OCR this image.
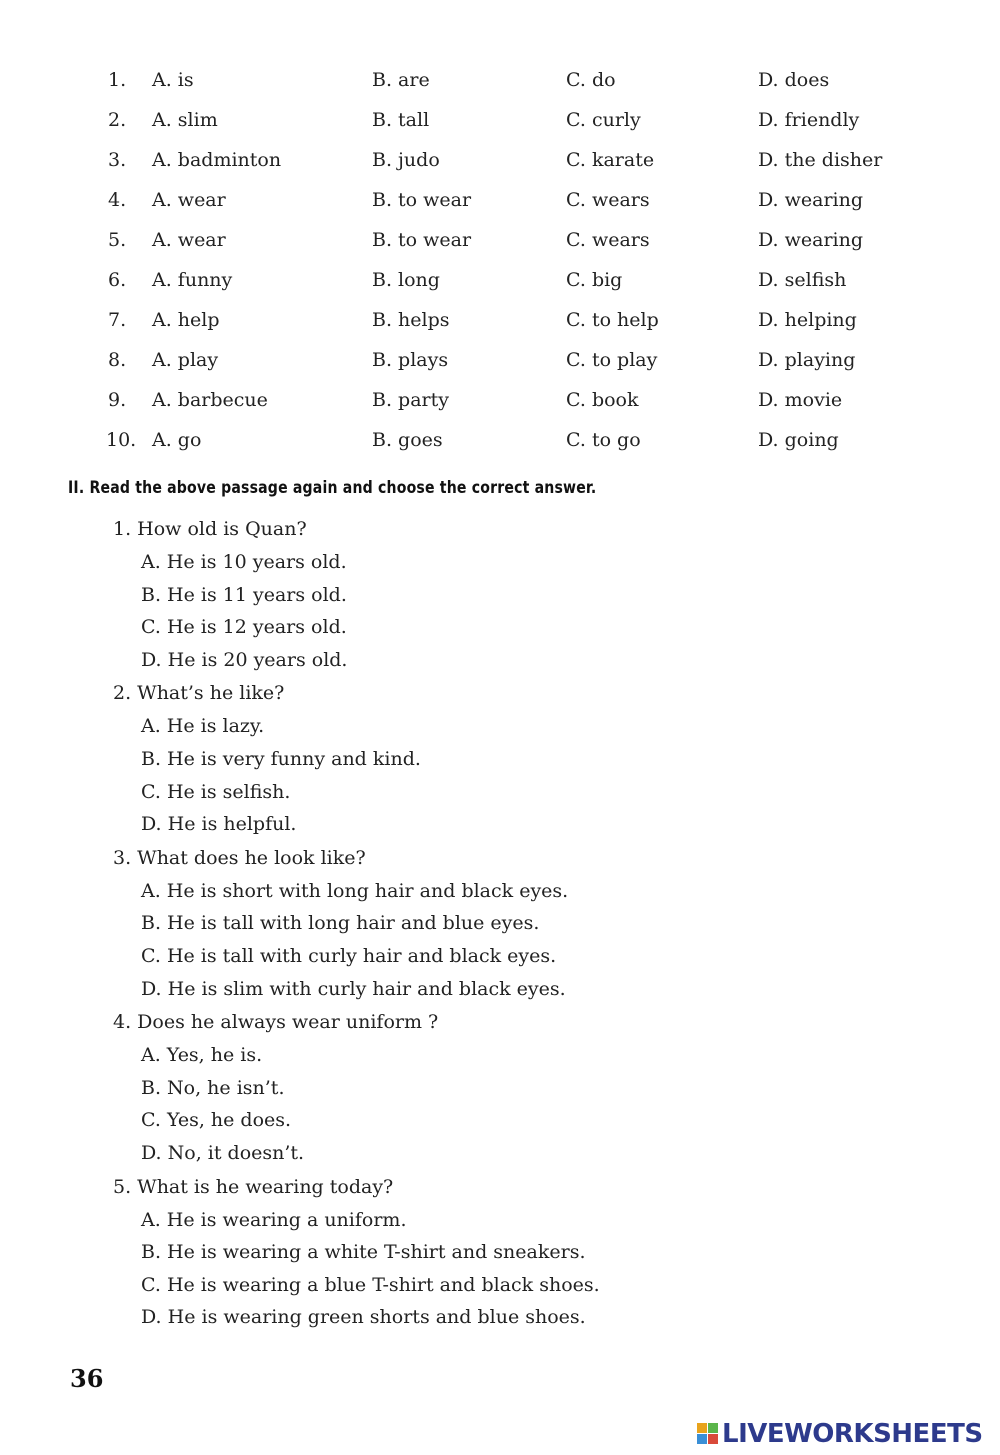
1. A. is	B. are	C. do	D. does
2. A. slim	B. tall	C. curly	D. friendly
3. A. badminton	B. judo	C. karate	D. the disher
4. A. wear	B. to wear	C. wears	D. wearing
5. A. wear	B. to wear	C. wears	D. wearing
6. A. funny	B. long	C. big	D. selfish
7. A. help	B. helps	C. to help	D. helping
8. A. play	B. plays	C. to play	D. playing
9. A. barbecue	B. party	C. book	D. movie
10. A. go	B. goes	C. to go	D. going
II. Read the above passage again and choose the correct answer.
1. How old is Quan?
A. He is 10 years old.
B. He is 11 years old.
C. He is 12 years old.
D. He is 20 years old.
2. What’s he like?
A. He is lazy.
B. He is very funny and kind.
C. He is selfish.
D. He is helpful.
3. What does he look like?
A. He is short with long hair and black eyes.
B. He is tall with long hair and blue eyes.
C. He is tall with curly hair and black eyes.
D. He is slim with curly hair and black eyes.
4. Does he always wear uniform ?
A. Yes, he is.
B. No, he isn’t.
C. Yes, he does.
D. No, it doesn’t.
5. What is he wearing today?
A. He is wearing a uniform.
B. He is wearing a white T-shirt and sneakers.
C. He is wearing a blue T-shirt and black shoes.
D. He is wearing green shorts and blue shoes.
36
LIVEWORKSHEETS
